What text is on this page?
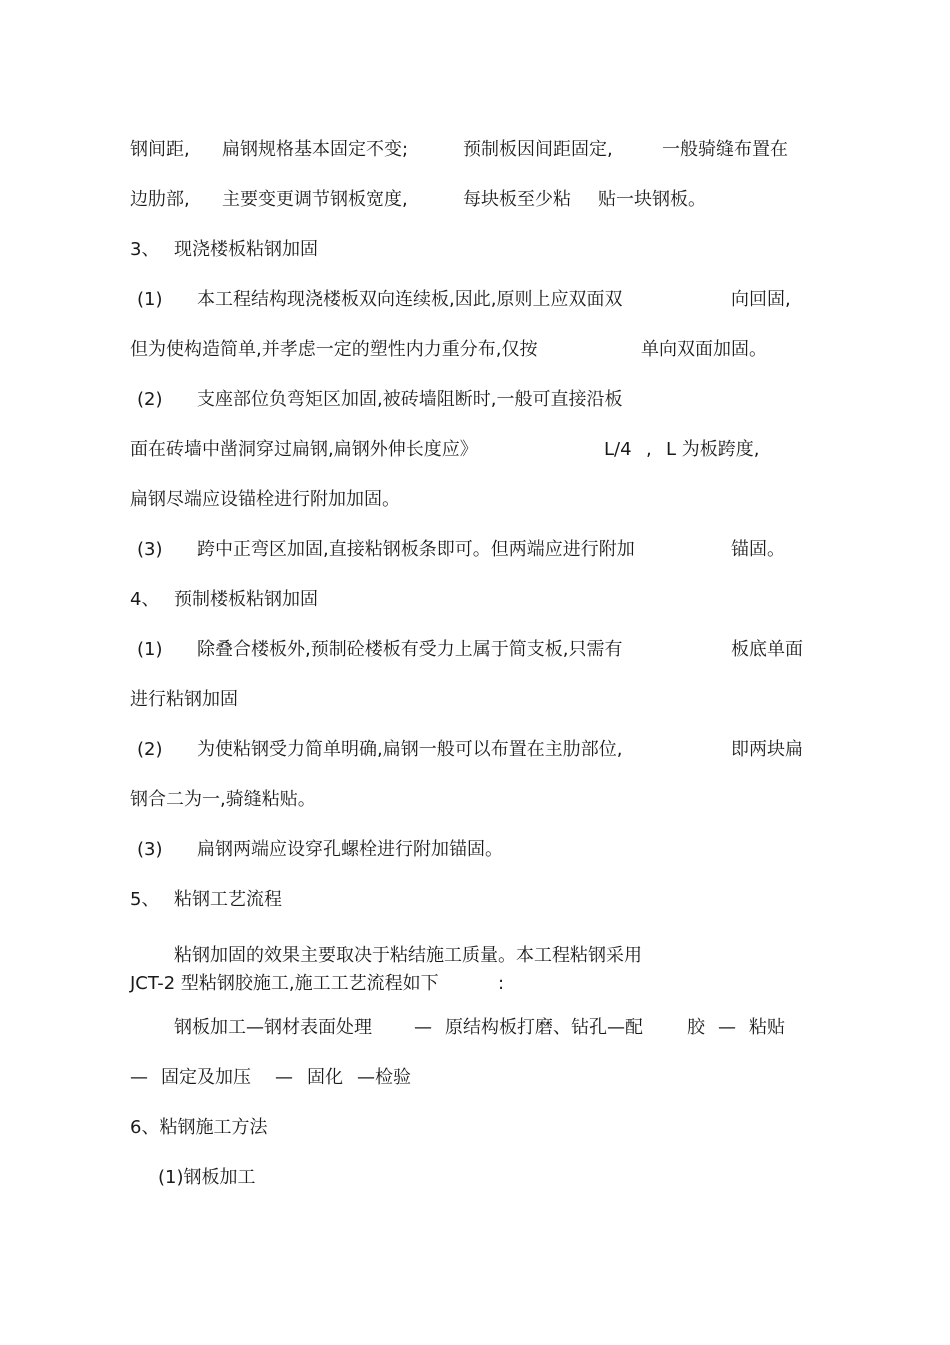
钢间距, 扁钢规格基本固定不变;	预制板因间距固定,	一般骑缝布置在
边肋部, 主要变更调节钢板宽度,	每块板至少粘 贴一块钢板。
3、 现浇楼板粘钢加固
(1) 本工程结构现浇楼板双向连续板,因此,原则上应双面双	向回固,
但为使构造简单,并孝虑一定的塑性内力重分布,仅按	单向双面加固。
(2) 支座部位负弯矩区加固,被砖墙阻断时,一般可直接沿板
面在砖墙中凿洞穿过扁钢,扁钢外伸长度应》	L/4 , L 为板跨度,
扁钢尽端应设锚栓进行附加加固。
(3) 跨中正弯区加固,直接粘钢板条即可。但两端应进行附加	锚固。
4、 预制楼板粘钢加固
(1) 除叠合楼板外,预制砼楼板有受力上属于简支板,只需有	板底单面
进行粘钢加固
(2) 为使粘钢受力简单明确,扁钢一般可以布置在主肋部位,	即两块扁
钢合二为一,骑缝粘贴。
(3) 扁钢两端应设穿孔螺栓进行附加锚固。
5、 粘钢工艺流程
粘钢加固的效果主要取决于粘结施工质量。本工程粘钢采用
JCT-2 型粘钢胶施工,施工工艺流程如下	:
钢板加工—钢材表面处理 — 原结构板打磨、钻孔—配 胶 — 粘贴
— 固定及加压 — 固化 —检验
6、粘钢施工方法
(1)钢板加工
